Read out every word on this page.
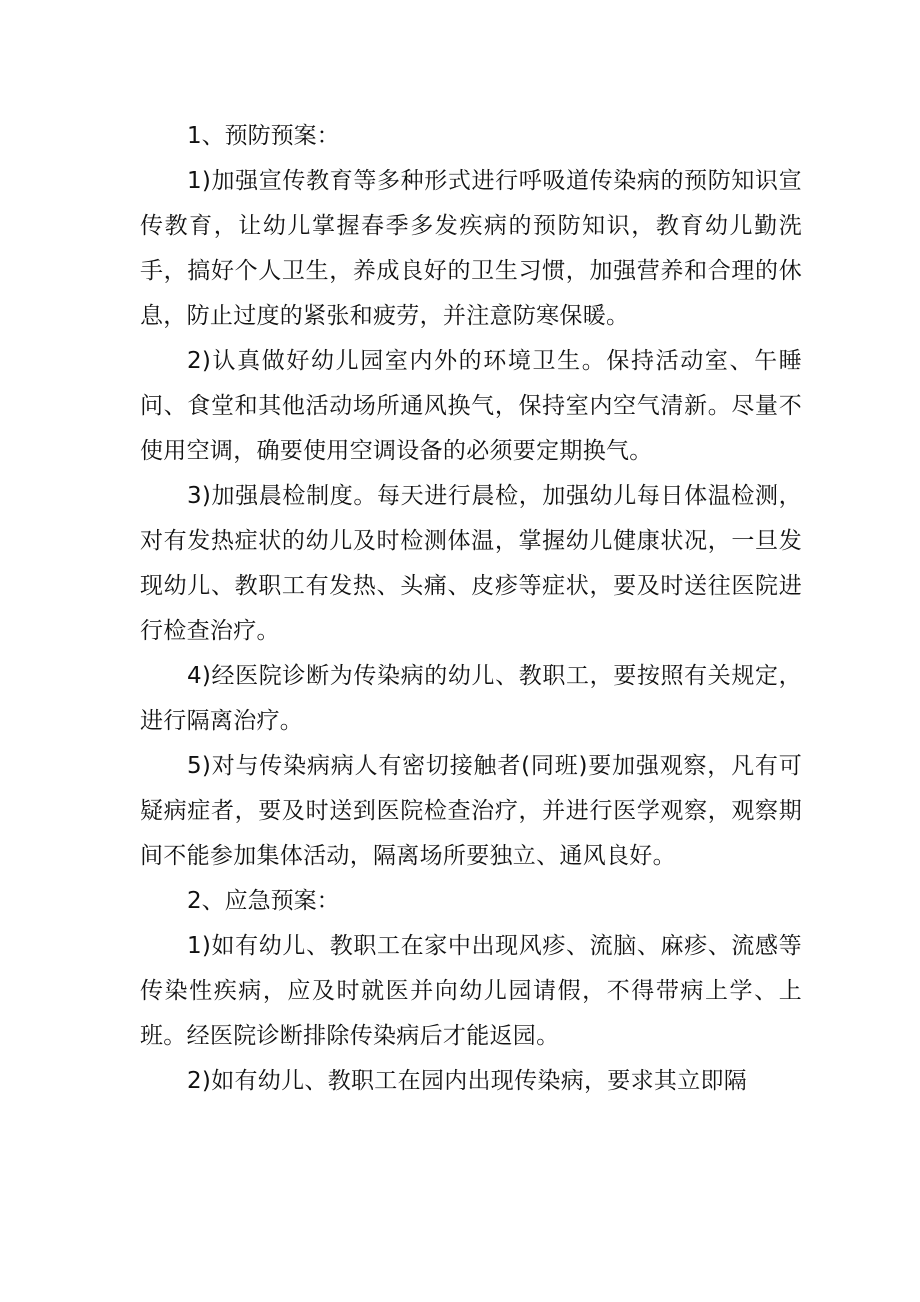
1、预防预案：

1)加强宣传教育等多种形式进行呼吸道传染病的预防知识宣传教育，让幼儿掌握春季多发疾病的预防知识，教育幼儿勤洗手，搞好个人卫生，养成良好的卫生习惯，加强营养和合理的休息，防止过度的紧张和疲劳，并注意防寒保暖。

2)认真做好幼儿园室内外的环境卫生。保持活动室、午睡问、食堂和其他活动场所通风换气，保持室内空气清新。尽量不使用空调，确要使用空调设备的必须要定期换气。

3)加强晨检制度。每天进行晨检，加强幼儿每日体温检测，对有发热症状的幼儿及时检测体温，掌握幼儿健康状况，一旦发现幼儿、教职工有发热、头痛、皮疹等症状，要及时送往医院进行检查治疗。

4)经医院诊断为传染病的幼儿、教职工，要按照有关规定，进行隔离治疗。

5)对与传染病病人有密切接触者(同班)要加强观察，凡有可疑病症者，要及时送到医院检查治疗，并进行医学观察，观察期间不能参加集体活动，隔离场所要独立、通风良好。

2、应急预案：

1)如有幼儿、教职工在家中出现风疹、流脑、麻疹、流感等传染性疾病，应及时就医并向幼儿园请假，不得带病上学、上班。经医院诊断排除传染病后才能返园。

2)如有幼儿、教职工在园内出现传染病，要求其立即隔
